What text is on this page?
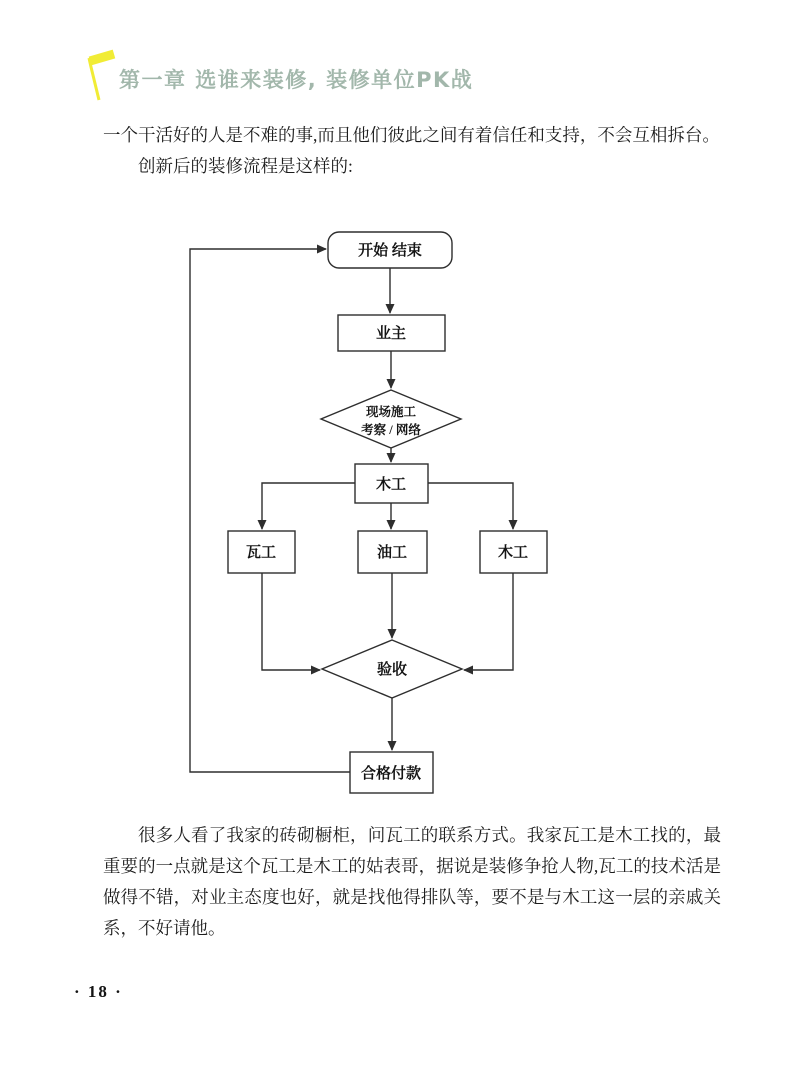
第一章 选谁来装修, 装修单位PK战

一个干活好的人是不难的事,而且他们彼此之间有着信任和支持，不会互相拆台。

创新后的装修流程是这样的:

开始 结束
业主
现场施工
考察 / 网络
木工
瓦工	油工	木工
验收
合格付款

很多人看了我家的砖砌橱柜，问瓦工的联系方式。我家瓦工是木工找的，最重要的一点就是这个瓦工是木工的姑表哥，据说是装修争抢人物,瓦工的技术活是做得不错，对业主态度也好，就是找他得排队等，要不是与木工这一层的亲戚关系，不好请他。

· 18 ·
